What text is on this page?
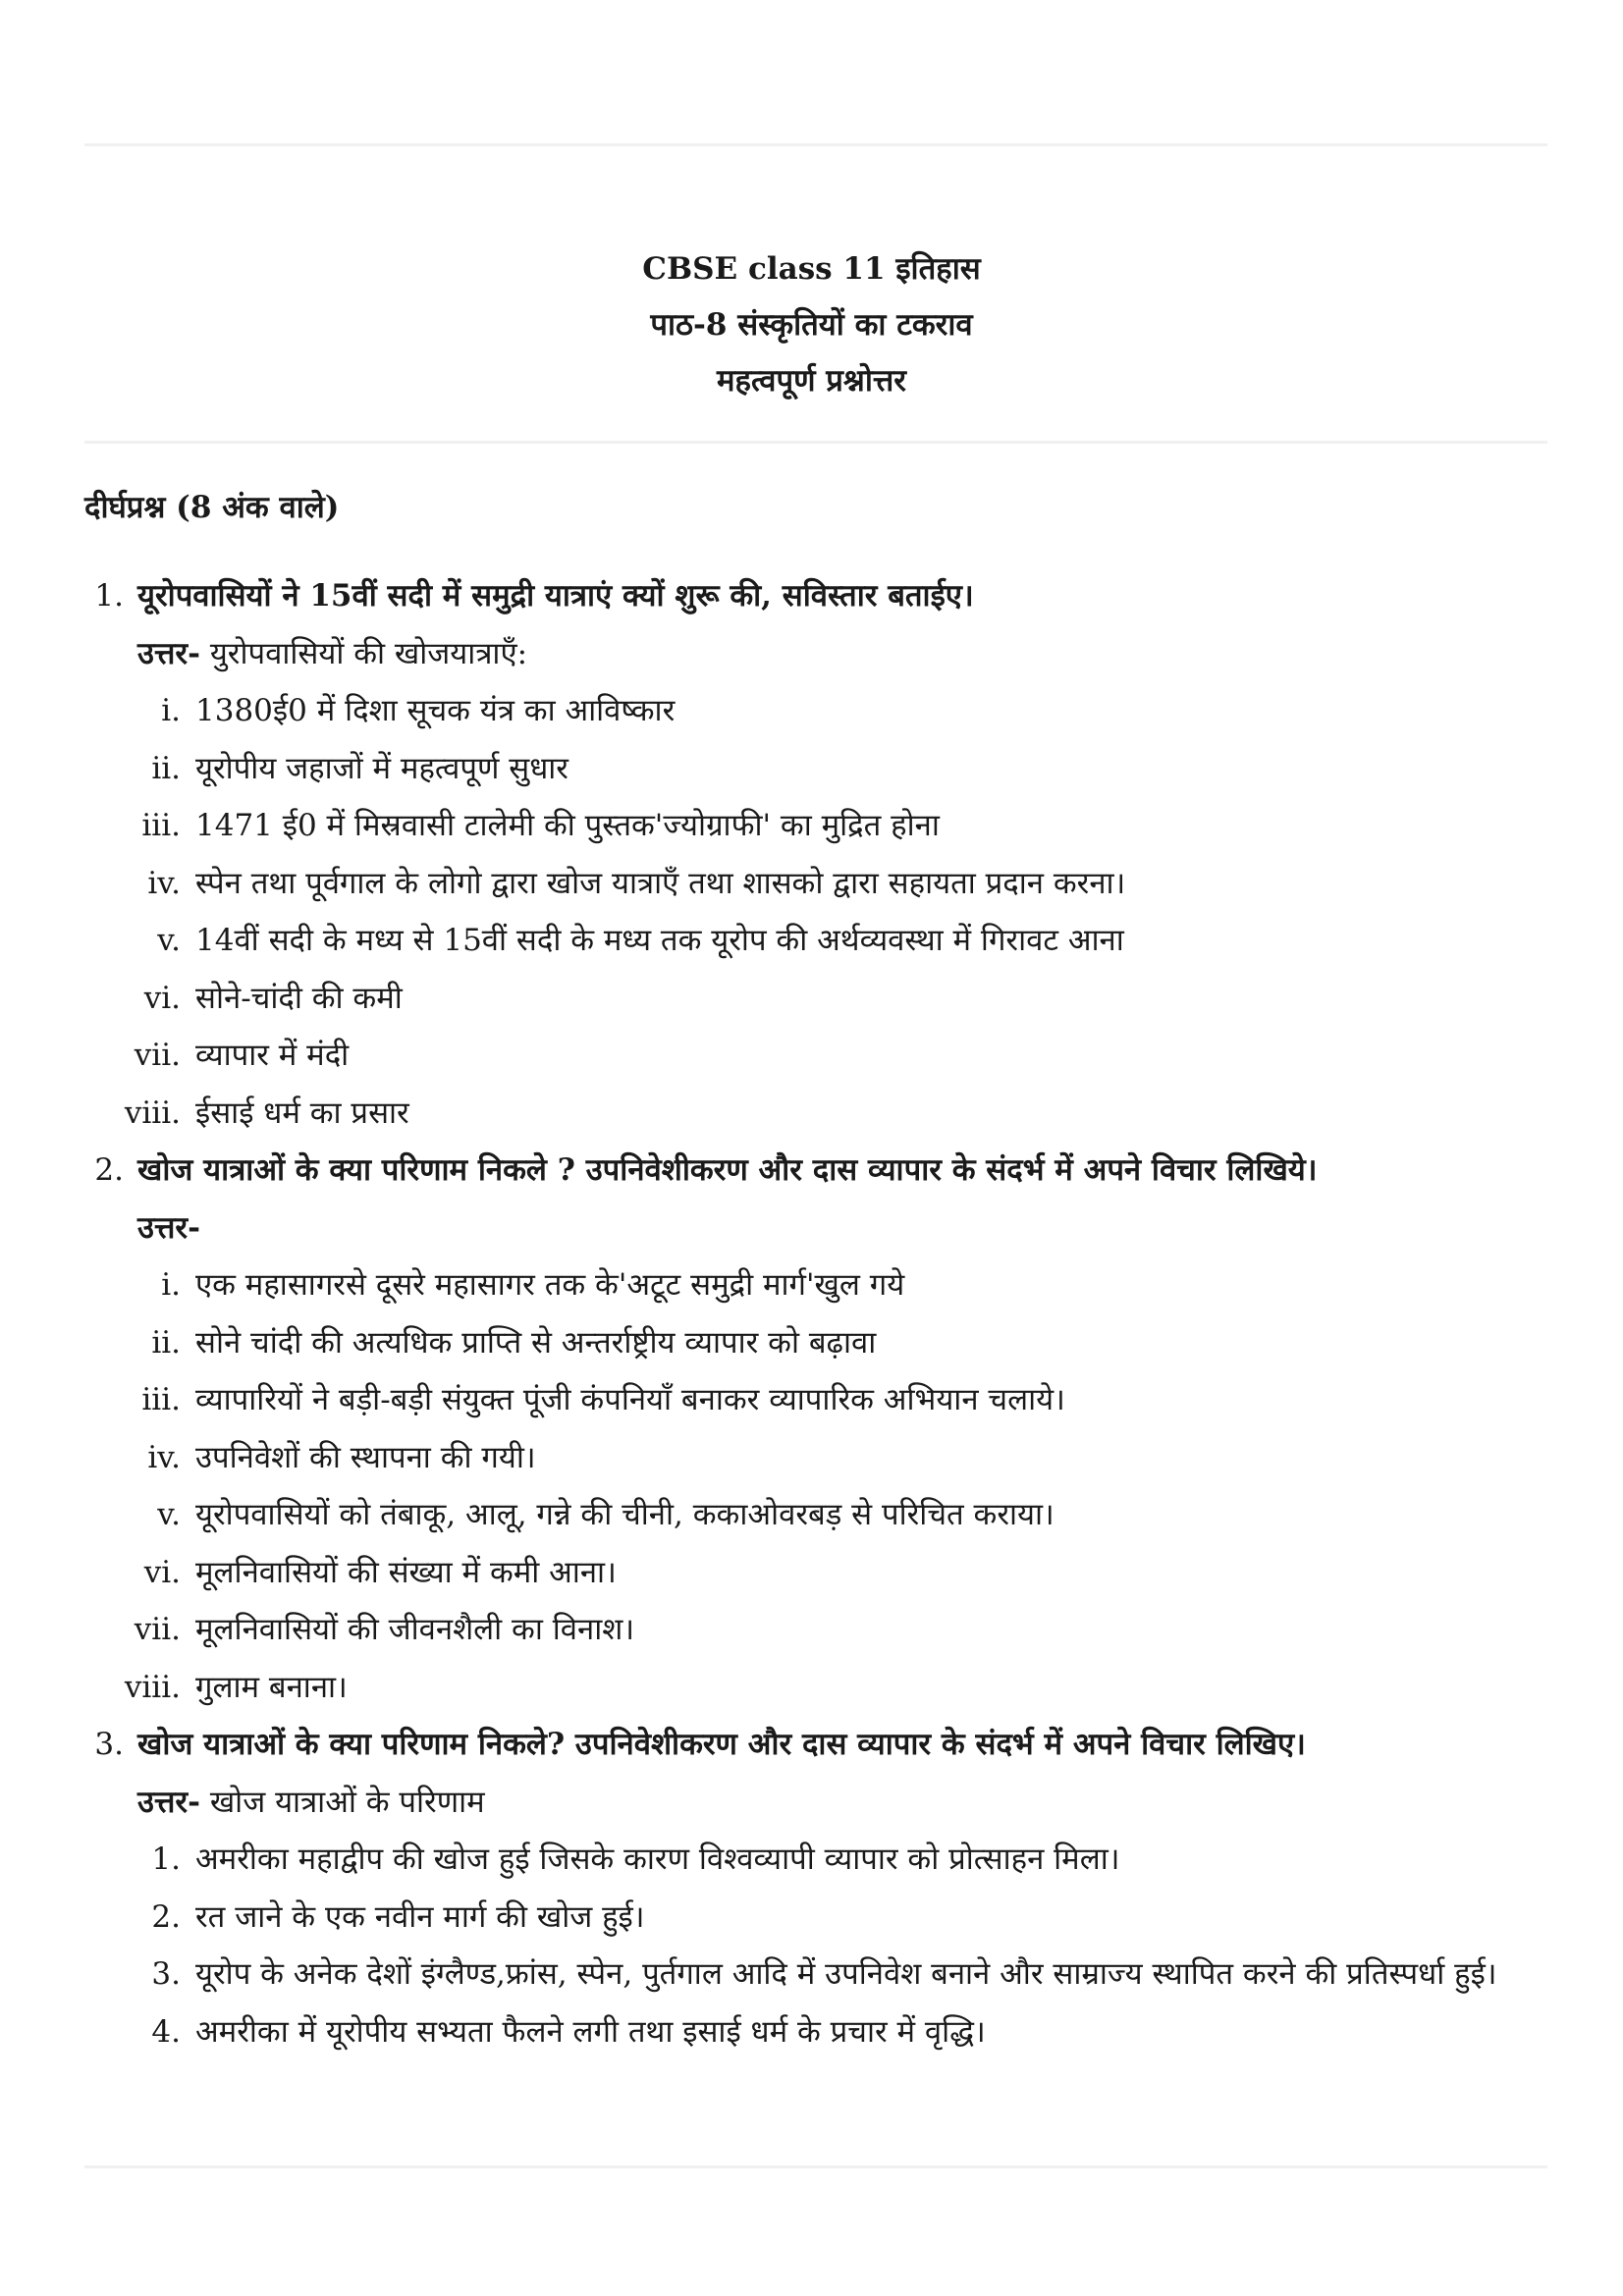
CBSE class 11 इतिहास
पाठ-8 संस्कृतियों का टकराव
महत्वपूर्ण प्रश्नोत्तर
दीर्घप्रश्न (8 अंक वाले)
1. यूरोपवासियों ने 15वीं सदी में समुद्री यात्राएं क्यों शुरू की, सविस्तार बताईए।
उत्तर- युरोपवासियों की खोजयात्राएँ:
i. 1380ई0 में दिशा सूचक यंत्र का आविष्कार
ii. यूरोपीय जहाजों में महत्वपूर्ण सुधार
iii. 1471 ई0 में मिस्रवासी टालेमी की पुस्तक'ज्योग्राफी' का मुद्रित होना
iv. स्पेन तथा पूर्वगाल के लोगो द्वारा खोज यात्राएँ तथा शासको द्वारा सहायता प्रदान करना।
v. 14वीं सदी के मध्य से 15वीं सदी के मध्य तक यूरोप की अर्थव्यवस्था में गिरावट आना
vi. सोने-चांदी की कमी
vii. व्यापार में मंदी
viii. ईसाई धर्म का प्रसार
2. खोज यात्राओं के क्या परिणाम निकले ? उपनिवेशीकरण और दास व्यापार के संदर्भ में अपने विचार लिखिये।
उत्तर-
i. एक महासागरसे दूसरे महासागर तक के'अटूट समुद्री मार्ग'खुल गये
ii. सोने चांदी की अत्यधिक प्राप्ति से अन्तर्राष्ट्रीय व्यापार को बढ़ावा
iii. व्यापारियों ने बड़ी-बड़ी संयुक्त पूंजी कंपनियाँ बनाकर व्यापारिक अभियान चलाये।
iv. उपनिवेशों की स्थापना की गयी।
v. यूरोपवासियों को तंबाकू, आलू, गन्ने की चीनी, ककाओवरबड़ से परिचित कराया।
vi. मूलनिवासियों की संख्या में कमी आना।
vii. मूलनिवासियों की जीवनशैली का विनाश।
viii. गुलाम बनाना।
3. खोज यात्राओं के क्या परिणाम निकले? उपनिवेशीकरण और दास व्यापार के संदर्भ में अपने विचार लिखिए।
उत्तर- खोज यात्राओं के परिणाम
1. अमरीका महाद्वीप की खोज हुई जिसके कारण विश्वव्यापी व्यापार को प्रोत्साहन मिला।
2. रत जाने के एक नवीन मार्ग की खोज हुई।
3. यूरोप के अनेक देशों इंग्लैण्ड,फ्रांस, स्पेन, पुर्तगाल आदि में उपनिवेश बनाने और साम्राज्य स्थापित करने की प्रतिस्पर्धा हुई।
4. अमरीका में यूरोपीय सभ्यता फैलने लगी तथा इसाई धर्म के प्रचार में वृद्धि।
